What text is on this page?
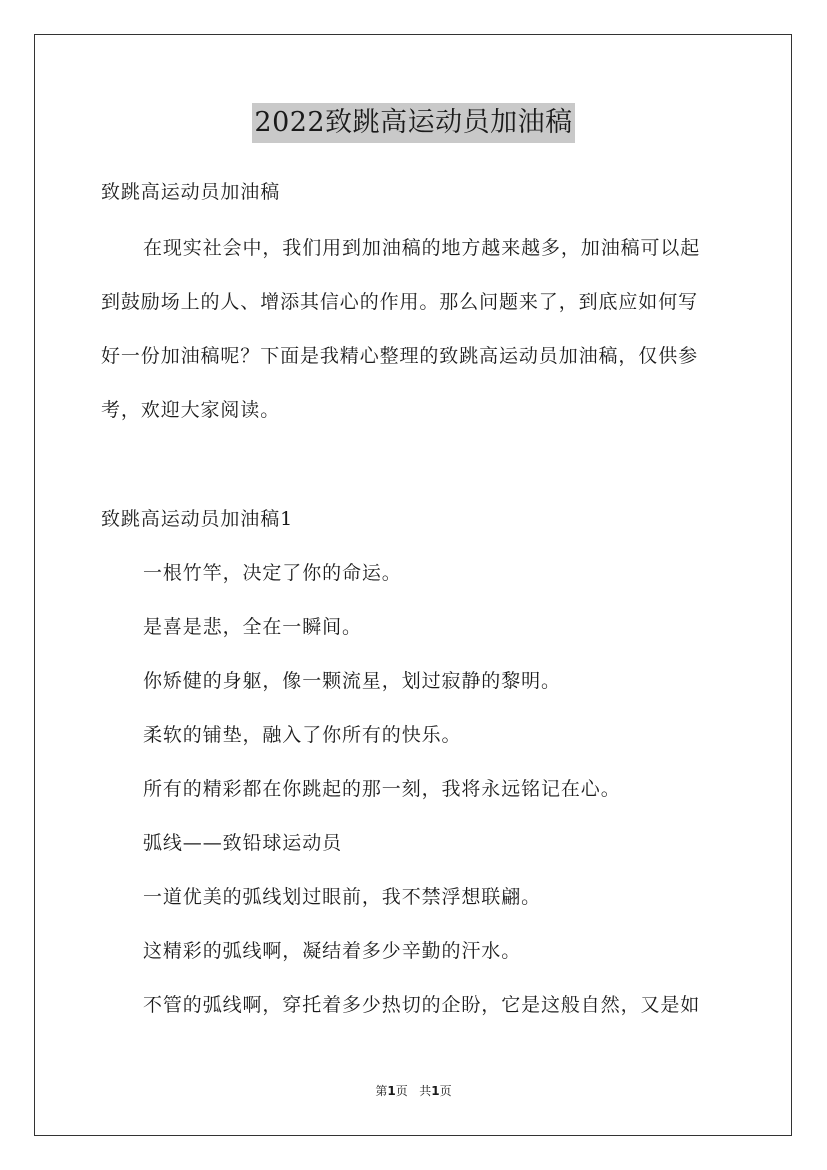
2022致跳高运动员加油稿
致跳高运动员加油稿
在现实社会中，我们用到加油稿的地方越来越多，加油稿可以起
到鼓励场上的人、增添其信心的作用。那么问题来了，到底应如何写
好一份加油稿呢？下面是我精心整理的致跳高运动员加油稿，仅供参
考，欢迎大家阅读。
致跳高运动员加油稿1
一根竹竿，决定了你的命运。
是喜是悲，全在一瞬间。
你矫健的身躯，像一颗流星，划过寂静的黎明。
柔软的铺垫，融入了你所有的快乐。
所有的精彩都在你跳起的那一刻，我将永远铭记在心。
弧线——致铅球运动员
一道优美的弧线划过眼前，我不禁浮想联翩。
这精彩的弧线啊，凝结着多少辛勤的汗水。
不管的弧线啊，穿托着多少热切的企盼，它是这般自然，又是如
第1页   共1页
